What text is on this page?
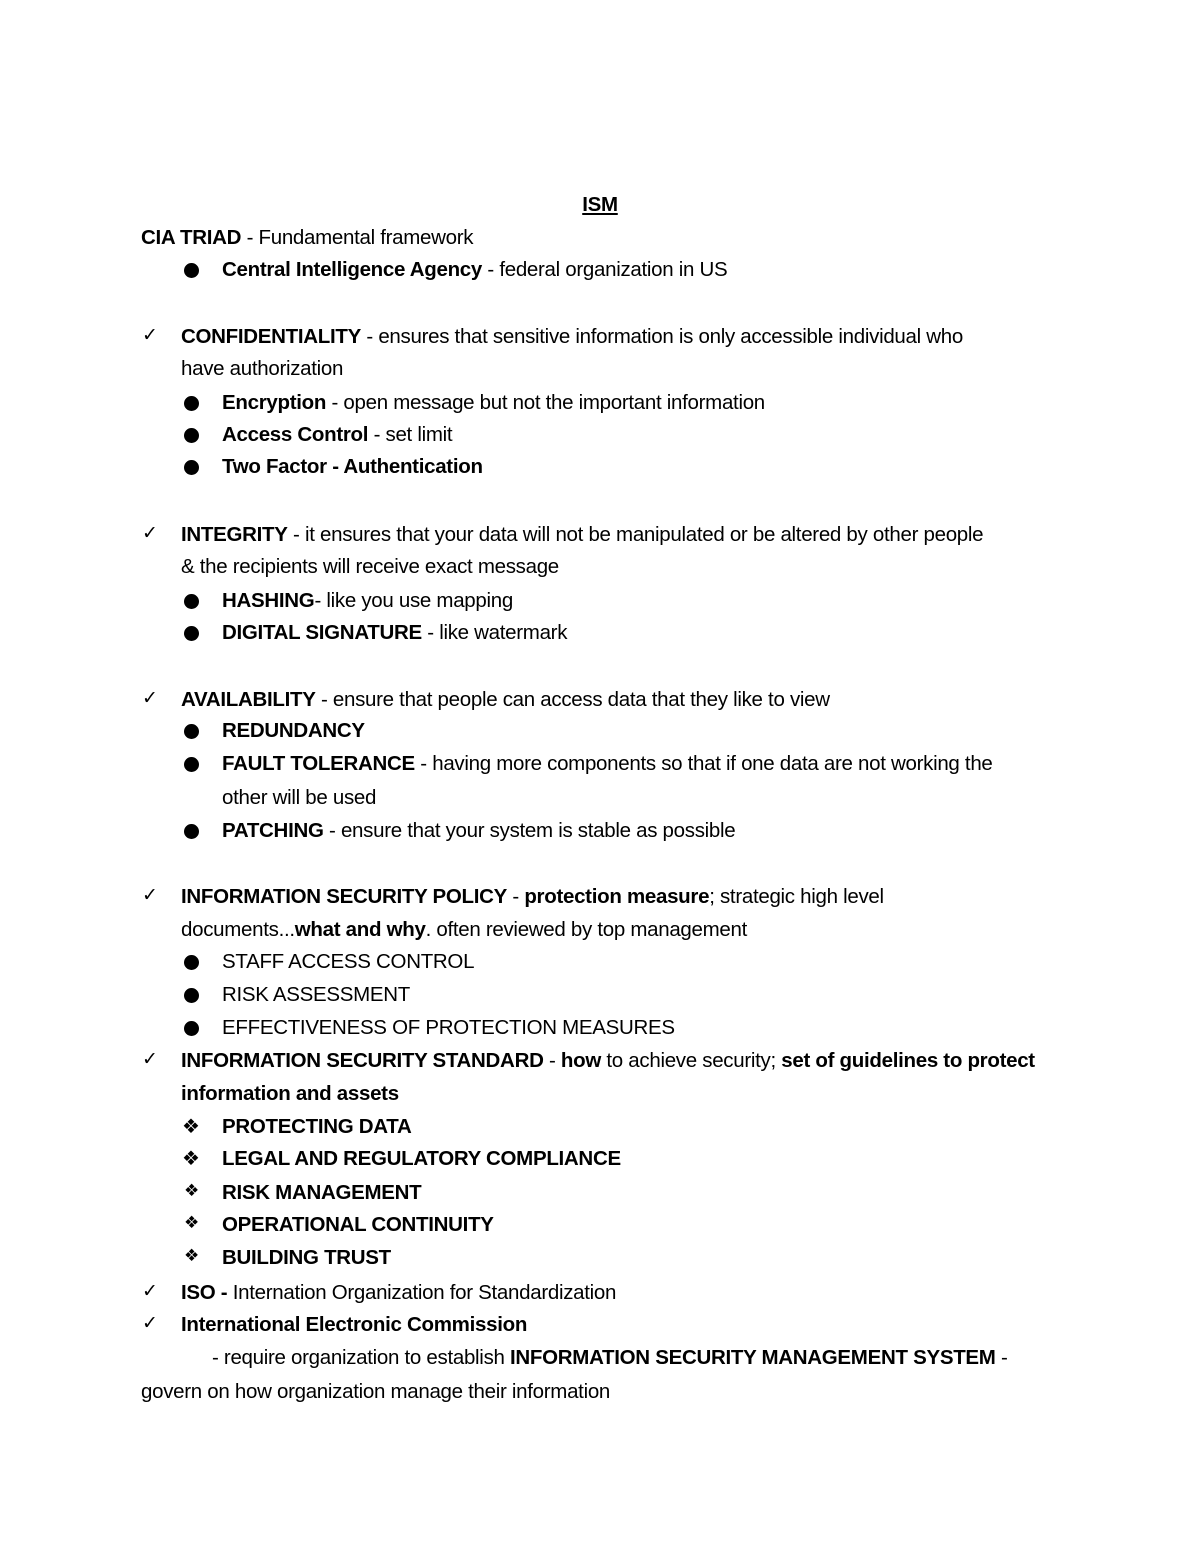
ISM
CIA TRIAD - Fundamental framework
Central Intelligence Agency - federal organization in US
✓ CONFIDENTIALITY - ensures that sensitive information is only accessible individual who
have authorization
Encryption - open message but not the important information
Access Control - set limit
Two Factor - Authentication
✓ INTEGRITY - it ensures that your data will not be manipulated or be altered by other people
& the recipients will receive exact message
HASHING- like you use mapping
DIGITAL SIGNATURE - like watermark
✓ AVAILABILITY - ensure that people can access data that they like to view
REDUNDANCY
FAULT TOLERANCE - having more components so that if one data are not working the
other will be used
PATCHING - ensure that your system is stable as possible
✓ INFORMATION SECURITY POLICY - protection measure; strategic high level
documents...what and why. often reviewed by top management
STAFF ACCESS CONTROL
RISK ASSESSMENT
EFFECTIVENESS OF PROTECTION MEASURES
✓ INFORMATION SECURITY STANDARD - how to achieve security; set of guidelines to protect
information and assets
❖ PROTECTING DATA
❖ LEGAL AND REGULATORY COMPLIANCE
❖ RISK MANAGEMENT
❖ OPERATIONAL CONTINUITY
❖ BUILDING TRUST
✓ ISO - Internation Organization for Standardization
✓ International Electronic Commission
- require organization to establish INFORMATION SECURITY MANAGEMENT SYSTEM -
govern on how organization manage their information
